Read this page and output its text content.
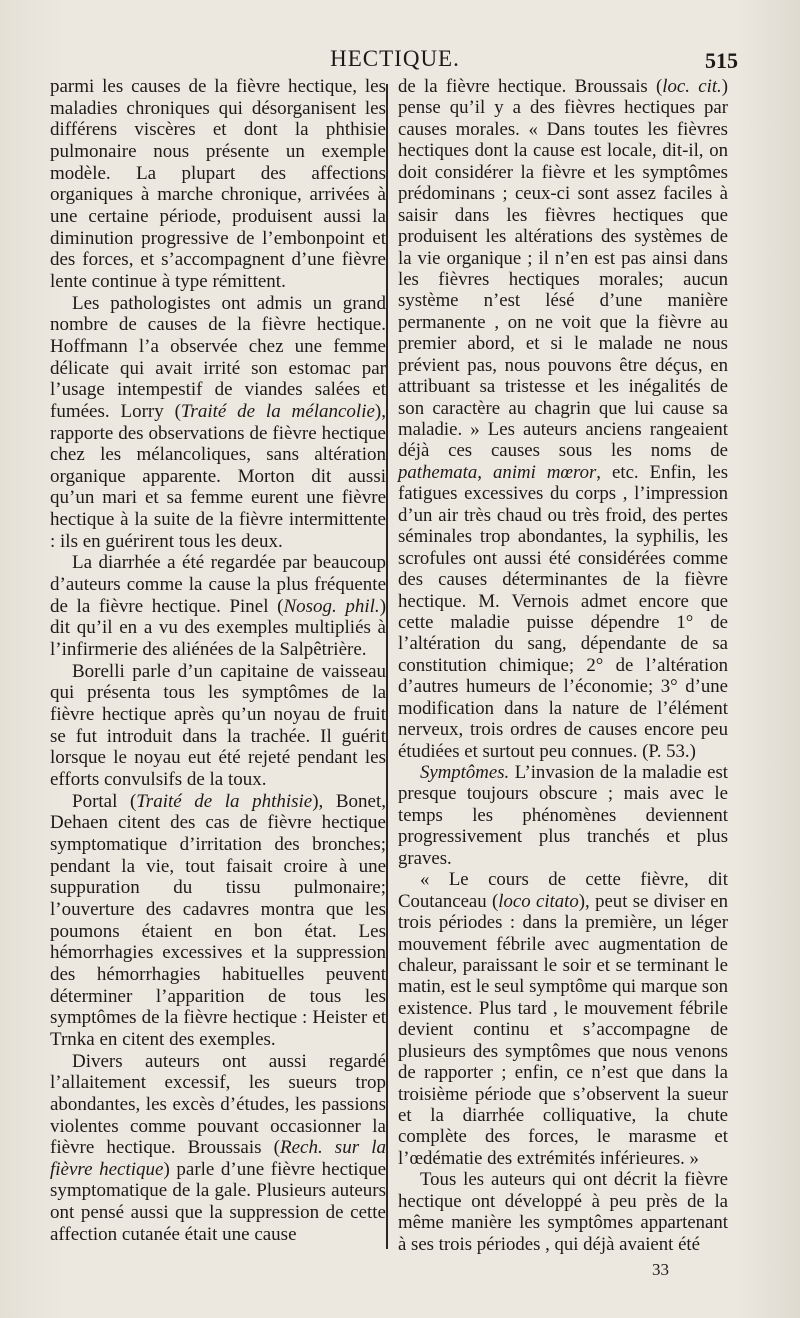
HECTIQUE.	515

parmi les causes de la fièvre hectique, les maladies chroniques qui désorganisent les différens viscères et dont la phthisie pulmonaire nous présente un exemple modèle. La plupart des affections organiques à marche chronique, arrivées à une certaine période, produisent aussi la diminution progressive de l’embonpoint et des forces, et s’accompagnent d’une fièvre lente continue à type rémittent.

Les pathologistes ont admis un grand nombre de causes de la fièvre hectique. Hoffmann l’a observée chez une femme délicate qui avait irrité son estomac par l’usage intempestif de viandes salées et fumées. Lorry (Traité de la mélancolie), rapporte des observations de fièvre hectique chez les mélancoliques, sans altération organique apparente. Morton dit aussi qu’un mari et sa femme eurent une fièvre hectique à la suite de la fièvre intermittente : ils en guérirent tous les deux.

La diarrhée a été regardée par beaucoup d’auteurs comme la cause la plus fréquente de la fièvre hectique. Pinel (Nosog. phil.) dit qu’il en a vu des exemples multipliés à l’infirmerie des aliénées de la Salpêtrière.

Borelli parle d’un capitaine de vaisseau qui présenta tous les symptômes de la fièvre hectique après qu’un noyau de fruit se fut introduit dans la trachée. Il guérit lorsque le noyau eut été rejeté pendant les efforts convulsifs de la toux.

Portal (Traité de la phthisie), Bonet, Dehaen citent des cas de fièvre hectique symptomatique d’irritation des bronches; pendant la vie, tout faisait croire à une suppuration du tissu pulmonaire; l’ouverture des cadavres montra que les poumons étaient en bon état. Les hémorrhagies excessives et la suppression des hémorrhagies habituelles peuvent déterminer l’apparition de tous les symptômes de la fièvre hectique : Heister et Trnka en citent des exemples.

Divers auteurs ont aussi regardé l’allaitement excessif, les sueurs trop abondantes, les excès d’études, les passions violentes comme pouvant occasionner la fièvre hectique. Broussais (Rech. sur la fièvre hectique) parle d’une fièvre hectique symptomatique de la gale. Plusieurs auteurs ont pensé aussi que la suppression de cette affection cutanée était une cause

de la fièvre hectique. Broussais (loc. cit.) pense qu’il y a des fièvres hectiques par causes morales. « Dans toutes les fièvres hectiques dont la cause est locale, dit-il, on doit considérer la fièvre et les symptômes prédominans ; ceux-ci sont assez faciles à saisir dans les fièvres hectiques que produisent les altérations des systèmes de la vie organique ; il n’en est pas ainsi dans les fièvres hectiques morales; aucun système n’est lésé d’une manière permanente , on ne voit que la fièvre au premier abord, et si le malade ne nous prévient pas, nous pouvons être déçus, en attribuant sa tristesse et les inégalités de son caractère au chagrin que lui cause sa maladie. » Les auteurs anciens rangeaient déjà ces causes sous les noms de pathemata, animi mœror, etc. Enfin, les fatigues excessives du corps , l’impression d’un air très chaud ou très froid, des pertes séminales trop abondantes, la syphilis, les scrofules ont aussi été considérées comme des causes déterminantes de la fièvre hectique. M. Vernois admet encore que cette maladie puisse dépendre 1° de l’altération du sang, dépendante de sa constitution chimique; 2° de l’altération d’autres humeurs de l’économie; 3° d’une modification dans la nature de l’élément nerveux, trois ordres de causes encore peu étudiées et surtout peu connues. (P. 53.)

Symptômes. L’invasion de la maladie est presque toujours obscure ; mais avec le temps les phénomènes deviennent progressivement plus tranchés et plus graves.

« Le cours de cette fièvre, dit Coutanceau (loco citato), peut se diviser en trois périodes : dans la première, un léger mouvement fébrile avec augmentation de chaleur, paraissant le soir et se terminant le matin, est le seul symptôme qui marque son existence. Plus tard , le mouvement fébrile devient continu et s’accompagne de plusieurs des symptômes que nous venons de rapporter ; enfin, ce n’est que dans la troisième période que s’observent la sueur et la diarrhée colliquative, la chute complète des forces, le marasme et l’œdématie des extrémités inférieures. »

Tous les auteurs qui ont décrit la fièvre hectique ont développé à peu près de la même manière les symptômes appartenant à ses trois périodes , qui déjà avaient été

33
